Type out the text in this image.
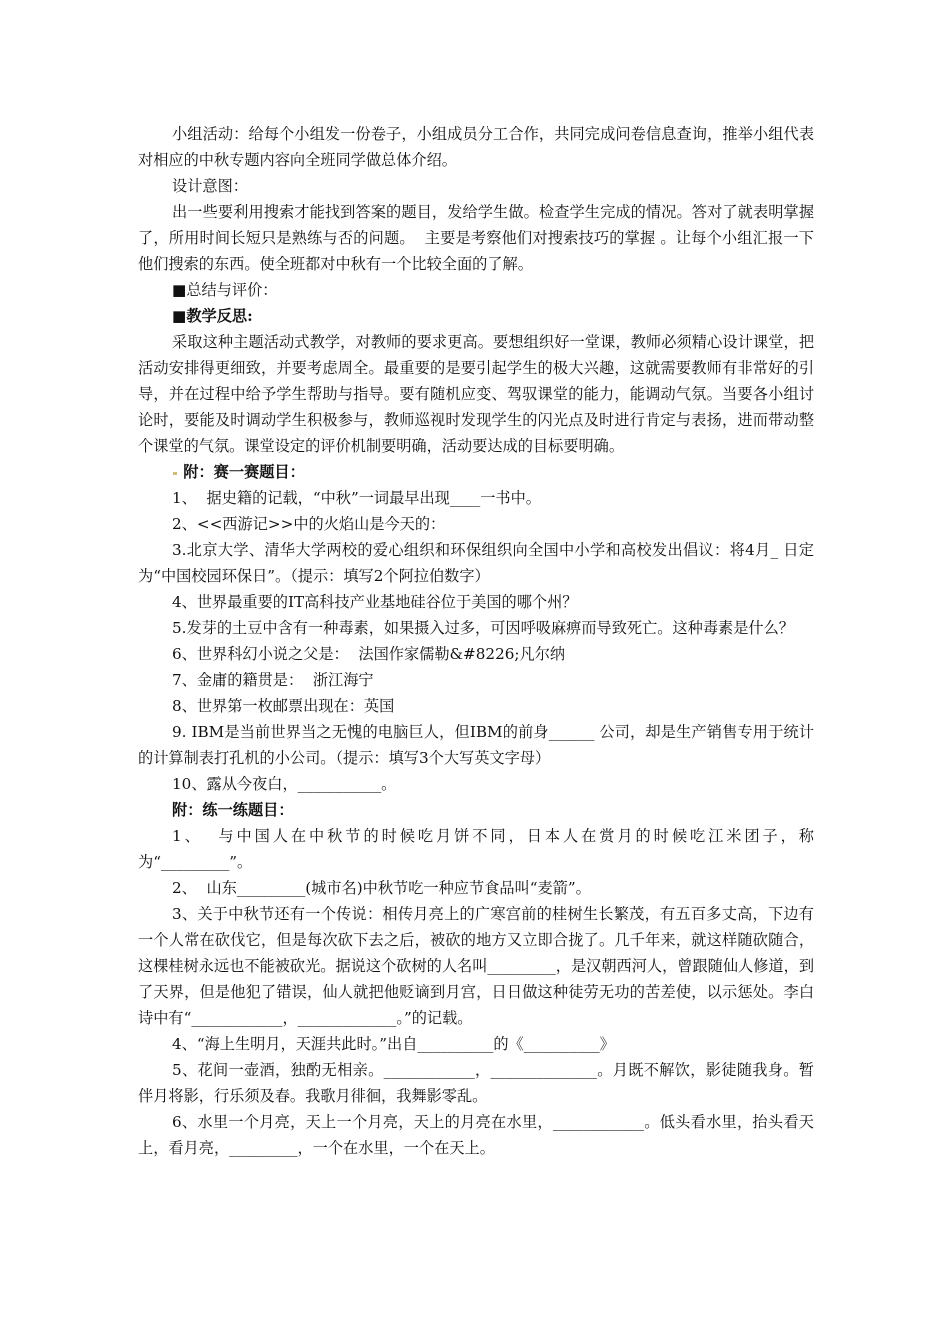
小组活动：给每个小组发一份卷子，小组成员分工合作，共同完成问卷信息查询，推举小组代表对相应的中秋专题内容向全班同学做总体介绍。

设计意图：

出一些要利用搜索才能找到答案的题目，发给学生做。检查学生完成的情况。答对了就表明掌握了，所用时间长短只是熟练与否的问题。  主要是考察他们对搜索技巧的掌握 。让每个小组汇报一下他们搜索的东西。使全班都对中秋有一个比较全面的了解。

■总结与评价：

■教学反思:

采取这种主题活动式教学，对教师的要求更高。要想组织好一堂课，教师必须精心设计课堂，把活动安排得更细致，并要考虑周全。最重要的是要引起学生的极大兴趣，这就需要教师有非常好的引导，并在过程中给予学生帮助与指导。要有随机应变、驾驭课堂的能力，能调动气氛。当要各小组讨论时，要能及时调动学生积极参与，教师巡视时发现学生的闪光点及时进行肯定与表扬，进而带动整个课堂的气氛。课堂设定的评价机制要明确，活动要达成的目标要明确。

附：赛一赛题目：

1、  据史籍的记载，“中秋”一词最早出现____一书中。

2、<<西游记>>中的火焰山是今天的：

3.北京大学、清华大学两校的爱心组织和环保组织向全国中小学和高校发出倡议：将4月_ 日定为“中国校园环保日”。（提示：填写2个阿拉伯数字）

4、世界最重要的IT高科技产业基地硅谷位于美国的哪个州？

5.发芽的土豆中含有一种毒素，如果摄入过多，可因呼吸麻痹而导致死亡。这种毒素是什么？

6、世界科幻小说之父是：  法国作家儒勒&#8226;凡尔纳

7、金庸的籍贯是：  浙江海宁

8、世界第一枚邮票出现在：英国

9. IBM是当前世界当之无愧的电脑巨人，但IBM的前身______ 公司，却是生产销售专用于统计的计算制表打孔机的小公司。（提示：填写3个大写英文字母）

10、露从今夜白，___________。

附：练一练题目：

1、  与中国人在中秋节的时候吃月饼不同，日本人在赏月的时候吃江米团子，称为“_________”。

2、  山东_________(城市名)中秋节吃一种应节食品叫“麦箭”。

3、关于中秋节还有一个传说：相传月亮上的广寒宫前的桂树生长繁茂，有五百多丈高，下边有一个人常在砍伐它，但是每次砍下去之后，被砍的地方又立即合拢了。几千年来，就这样随砍随合，这棵桂树永远也不能被砍光。据说这个砍树的人名叫_________，是汉朝西河人，曾跟随仙人修道，到了天界，但是他犯了错误，仙人就把他贬谪到月宫，日日做这种徒劳无功的苦差使，以示惩处。李白诗中有“____________，_____________。”的记载。

4、“海上生明月，天涯共此时。”出自__________的《__________》

5、花间一壶酒，独酌无相亲。____________，______________。月既不解饮，影徒随我身。暂伴月将影，行乐须及春。我歌月徘徊，我舞影零乱。

6、水里一个月亮，天上一个月亮，天上的月亮在水里，____________。低头看水里，抬头看天上，看月亮，_________，一个在水里，一个在天上。
